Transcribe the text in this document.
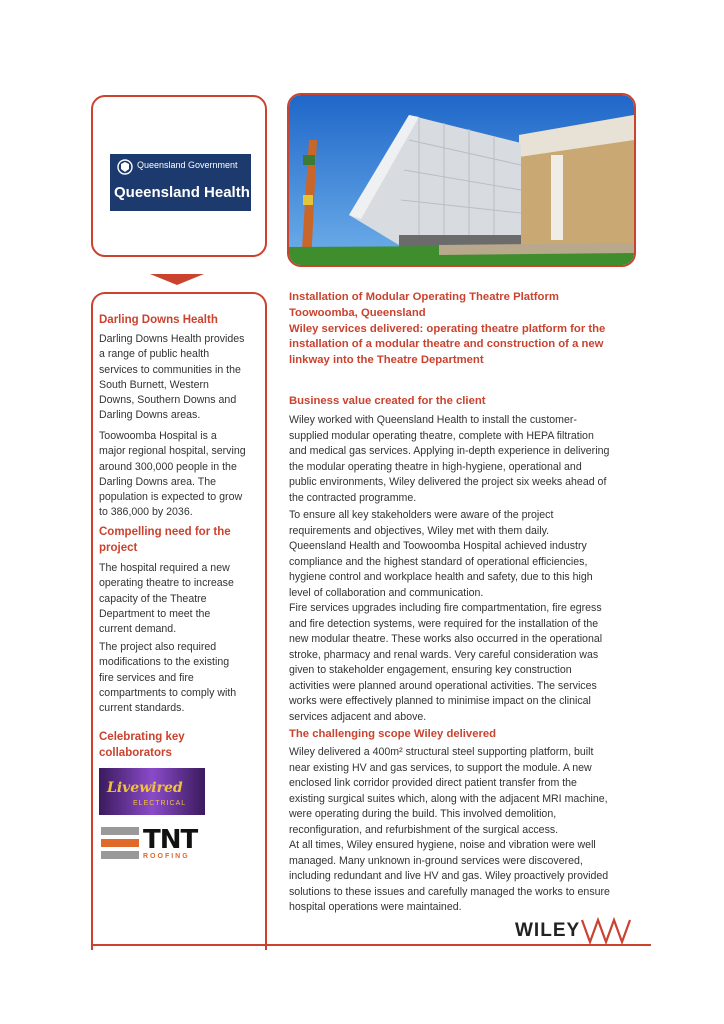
Queensland Government
Queensland Health
Darling Downs Health
Darling Downs Health provides
a range of public health
services to communities in the
South Burnett, Western
Downs, Southern Downs and
Darling Downs areas.
Toowoomba Hospital is a
major regional hospital, serving
around 300,000 people in the
Darling Downs area. The
population is expected to grow
to 386,000 by 2036.
Compelling need for the
project
The hospital required a new
operating theatre to increase
capacity of the Theatre
Department to meet the
current demand.
The project also required
modifications to the existing
fire services and fire
compartments to comply with
current standards.
Celebrating key
collaborators
Livewired
ELECTRICAL
TNT
ROOFING
Installation of Modular Operating Theatre Platform
Toowoomba, Queensland
Wiley services delivered: operating theatre platform for the
installation of a modular theatre and construction of a new
linkway into the Theatre Department
Business value created for the client
Wiley worked with Queensland Health to install the customer-
supplied modular operating theatre, complete with HEPA filtration
and medical gas services. Applying in-depth experience in delivering
the modular operating theatre in high-hygiene, operational and
public environments, Wiley delivered the project six weeks ahead of
the contracted programme.
To ensure all key stakeholders were aware of the project
requirements and objectives, Wiley met with them daily.
Queensland Health and Toowoomba Hospital achieved industry
compliance and the highest standard of operational efficiencies,
hygiene control and workplace health and safety, due to this high
level of collaboration and communication.
Fire services upgrades including fire compartmentation, fire egress
and fire detection systems, were required for the installation of the
new modular theatre. These works also occurred in the operational
stroke, pharmacy and renal wards. Very careful consideration was
given to stakeholder engagement, ensuring key construction
activities were planned around operational activities. The services
works were effectively planned to minimise impact on the clinical
services adjacent and above.
The challenging scope Wiley delivered
Wiley delivered a 400m² structural steel supporting platform, built
near existing HV and gas services, to support the module. A new
enclosed link corridor provided direct patient transfer from the
existing surgical suites which, along with the adjacent MRI machine,
were operating during the build. This involved demolition,
reconfiguration, and refurbishment of the surgical access.
At all times, Wiley ensured hygiene, noise and vibration were well
managed. Many unknown in-ground services were discovered,
including redundant and live HV and gas. Wiley proactively provided
solutions to these issues and carefully managed the works to ensure
hospital operations were maintained.
WILEY
